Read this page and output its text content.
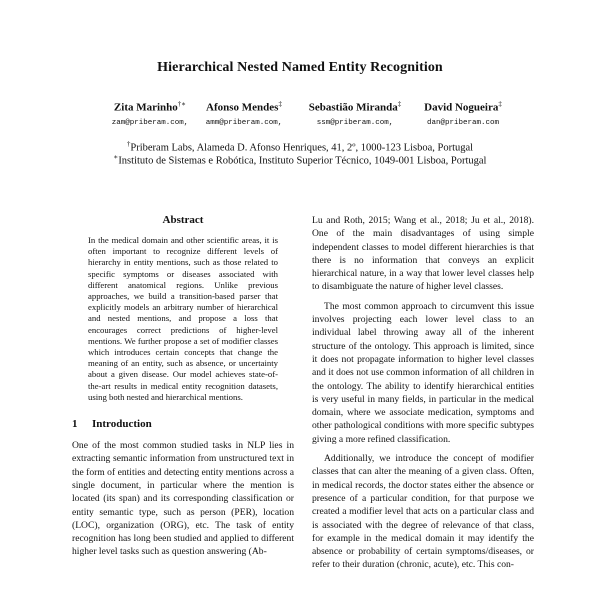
Hierarchical Nested Named Entity Recognition
Zita Marinho†∗
zam@priberam.com,
Afonso Mendes‡
amm@priberam.com,
Sebastião Miranda‡
ssm@priberam.com,
David Nogueira‡
dan@priberam.com
†Priberam Labs, Alameda D. Afonso Henriques, 41, 2º, 1000-123 Lisboa, Portugal
∗Instituto de Sistemas e Robótica, Instituto Superior Técnico, 1049-001 Lisboa, Portugal
Abstract

In the medical domain and other scientific areas, it is often important to recognize different levels of hierarchy in entity mentions, such as those related to specific symptoms or diseases associated with different anatomical regions. Unlike previous approaches, we build a transition-based parser that explicitly models an arbitrary number of hierarchical and nested mentions, and propose a loss that encourages correct predictions of higher-level mentions. We further propose a set of modifier classes which introduces certain concepts that change the meaning of an entity, such as absence, or uncertainty about a given disease. Our model achieves state-of-the-art results in medical entity recognition datasets, using both nested and hierarchical mentions.

1 Introduction

One of the most common studied tasks in NLP lies in extracting semantic information from unstructured text in the form of entities and detecting entity mentions across a single document, in particular where the mention is located (its span) and its corresponding classification or entity semantic type, such as person (PER), location (LOC), organization (ORG), etc. The task of entity recognition has long been studied and applied to different higher level tasks such as question answering (Ab-

Lu and Roth, 2015; Wang et al., 2018; Ju et al., 2018). One of the main disadvantages of using simple independent classes to model different hierarchies is that there is no information that conveys an explicit hierarchical nature, in a way that lower level classes help to disambiguate the nature of higher level classes.

The most common approach to circumvent this issue involves projecting each lower level class to an individual label throwing away all of the inherent structure of the ontology. This approach is limited, since it does not propagate information to higher level classes and it does not use common information of all children in the ontology. The ability to identify hierarchical entities is very useful in many fields, in particular in the medical domain, where we associate medication, symptoms and other pathological conditions with more specific subtypes giving a more refined classification.

Additionally, we introduce the concept of modifier classes that can alter the meaning of a given class. Often, in medical records, the doctor states either the absence or presence of a particular condition, for that purpose we created a modifier level that acts on a particular class and is associated with the degree of relevance of that class, for example in the medical domain it may identify the absence or probability of certain symptoms/diseases, or refer to their duration (chronic, acute), etc. This con-
